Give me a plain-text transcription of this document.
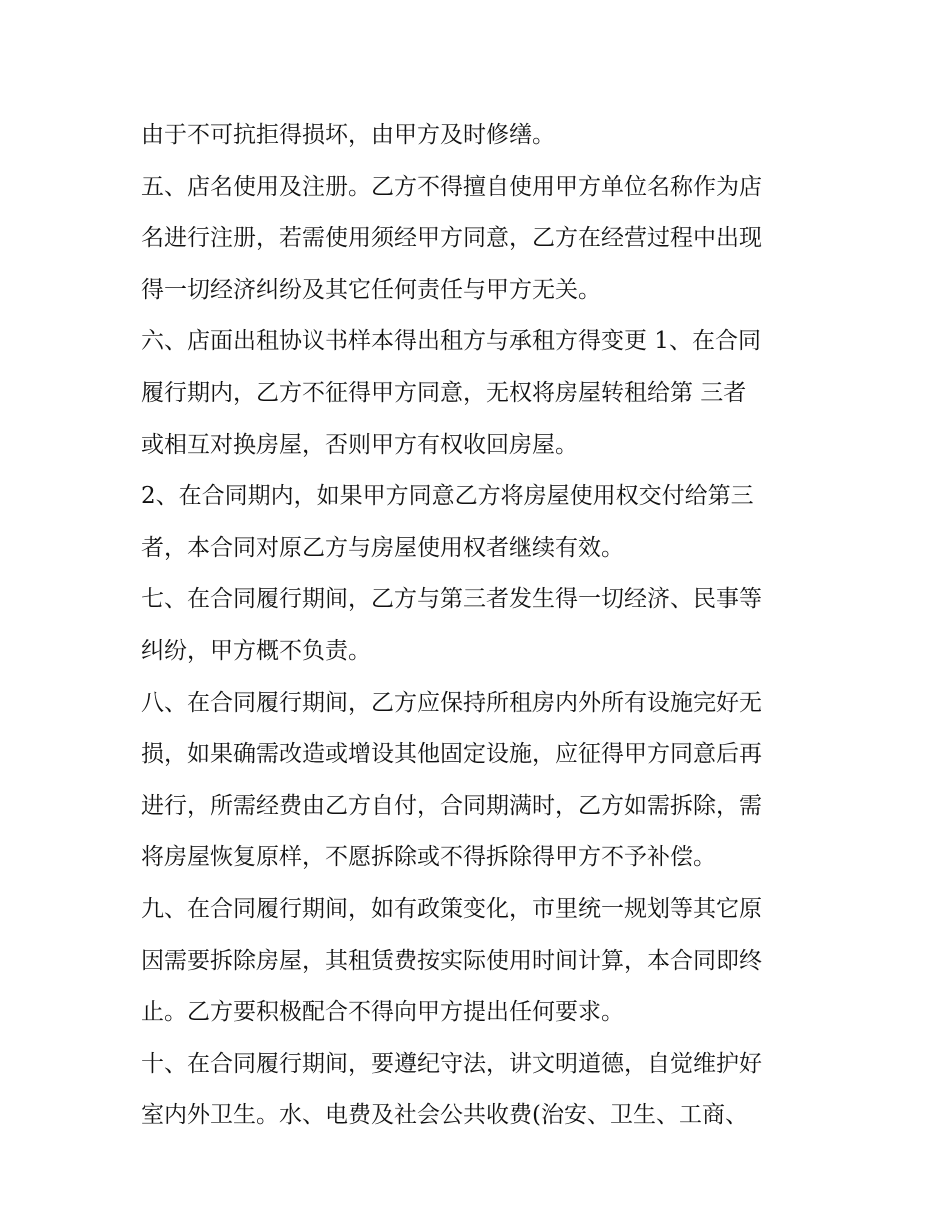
由于不可抗拒得损坏，由甲方及时修缮。
五、店名使用及注册。乙方不得擅自使用甲方单位名称作为店
名进行注册，若需使用须经甲方同意，乙方在经营过程中出现
得一切经济纠纷及其它任何责任与甲方无关。
六、店面出租协议书样本得出租方与承租方得变更 1、在合同
履行期内，乙方不征得甲方同意，无权将房屋转租给第 三者
或相互对换房屋，否则甲方有权收回房屋。
2、在合同期内，如果甲方同意乙方将房屋使用权交付给第三
者，本合同对原乙方与房屋使用权者继续有效。
七、在合同履行期间，乙方与第三者发生得一切经济、民事等
纠纷，甲方概不负责。
八、在合同履行期间，乙方应保持所租房内外所有设施完好无
损，如果确需改造或增设其他固定设施，应征得甲方同意后再
进行，所需经费由乙方自付，合同期满时，乙方如需拆除，需
将房屋恢复原样，不愿拆除或不得拆除得甲方不予补偿。
九、在合同履行期间，如有政策变化，市里统一规划等其它原
因需要拆除房屋，其租赁费按实际使用时间计算，本合同即终
止。乙方要积极配合不得向甲方提出任何要求。
十、在合同履行期间，要遵纪守法，讲文明道德，自觉维护好
室内外卫生。水、电费及社会公共收费(治安、卫生、工商、
